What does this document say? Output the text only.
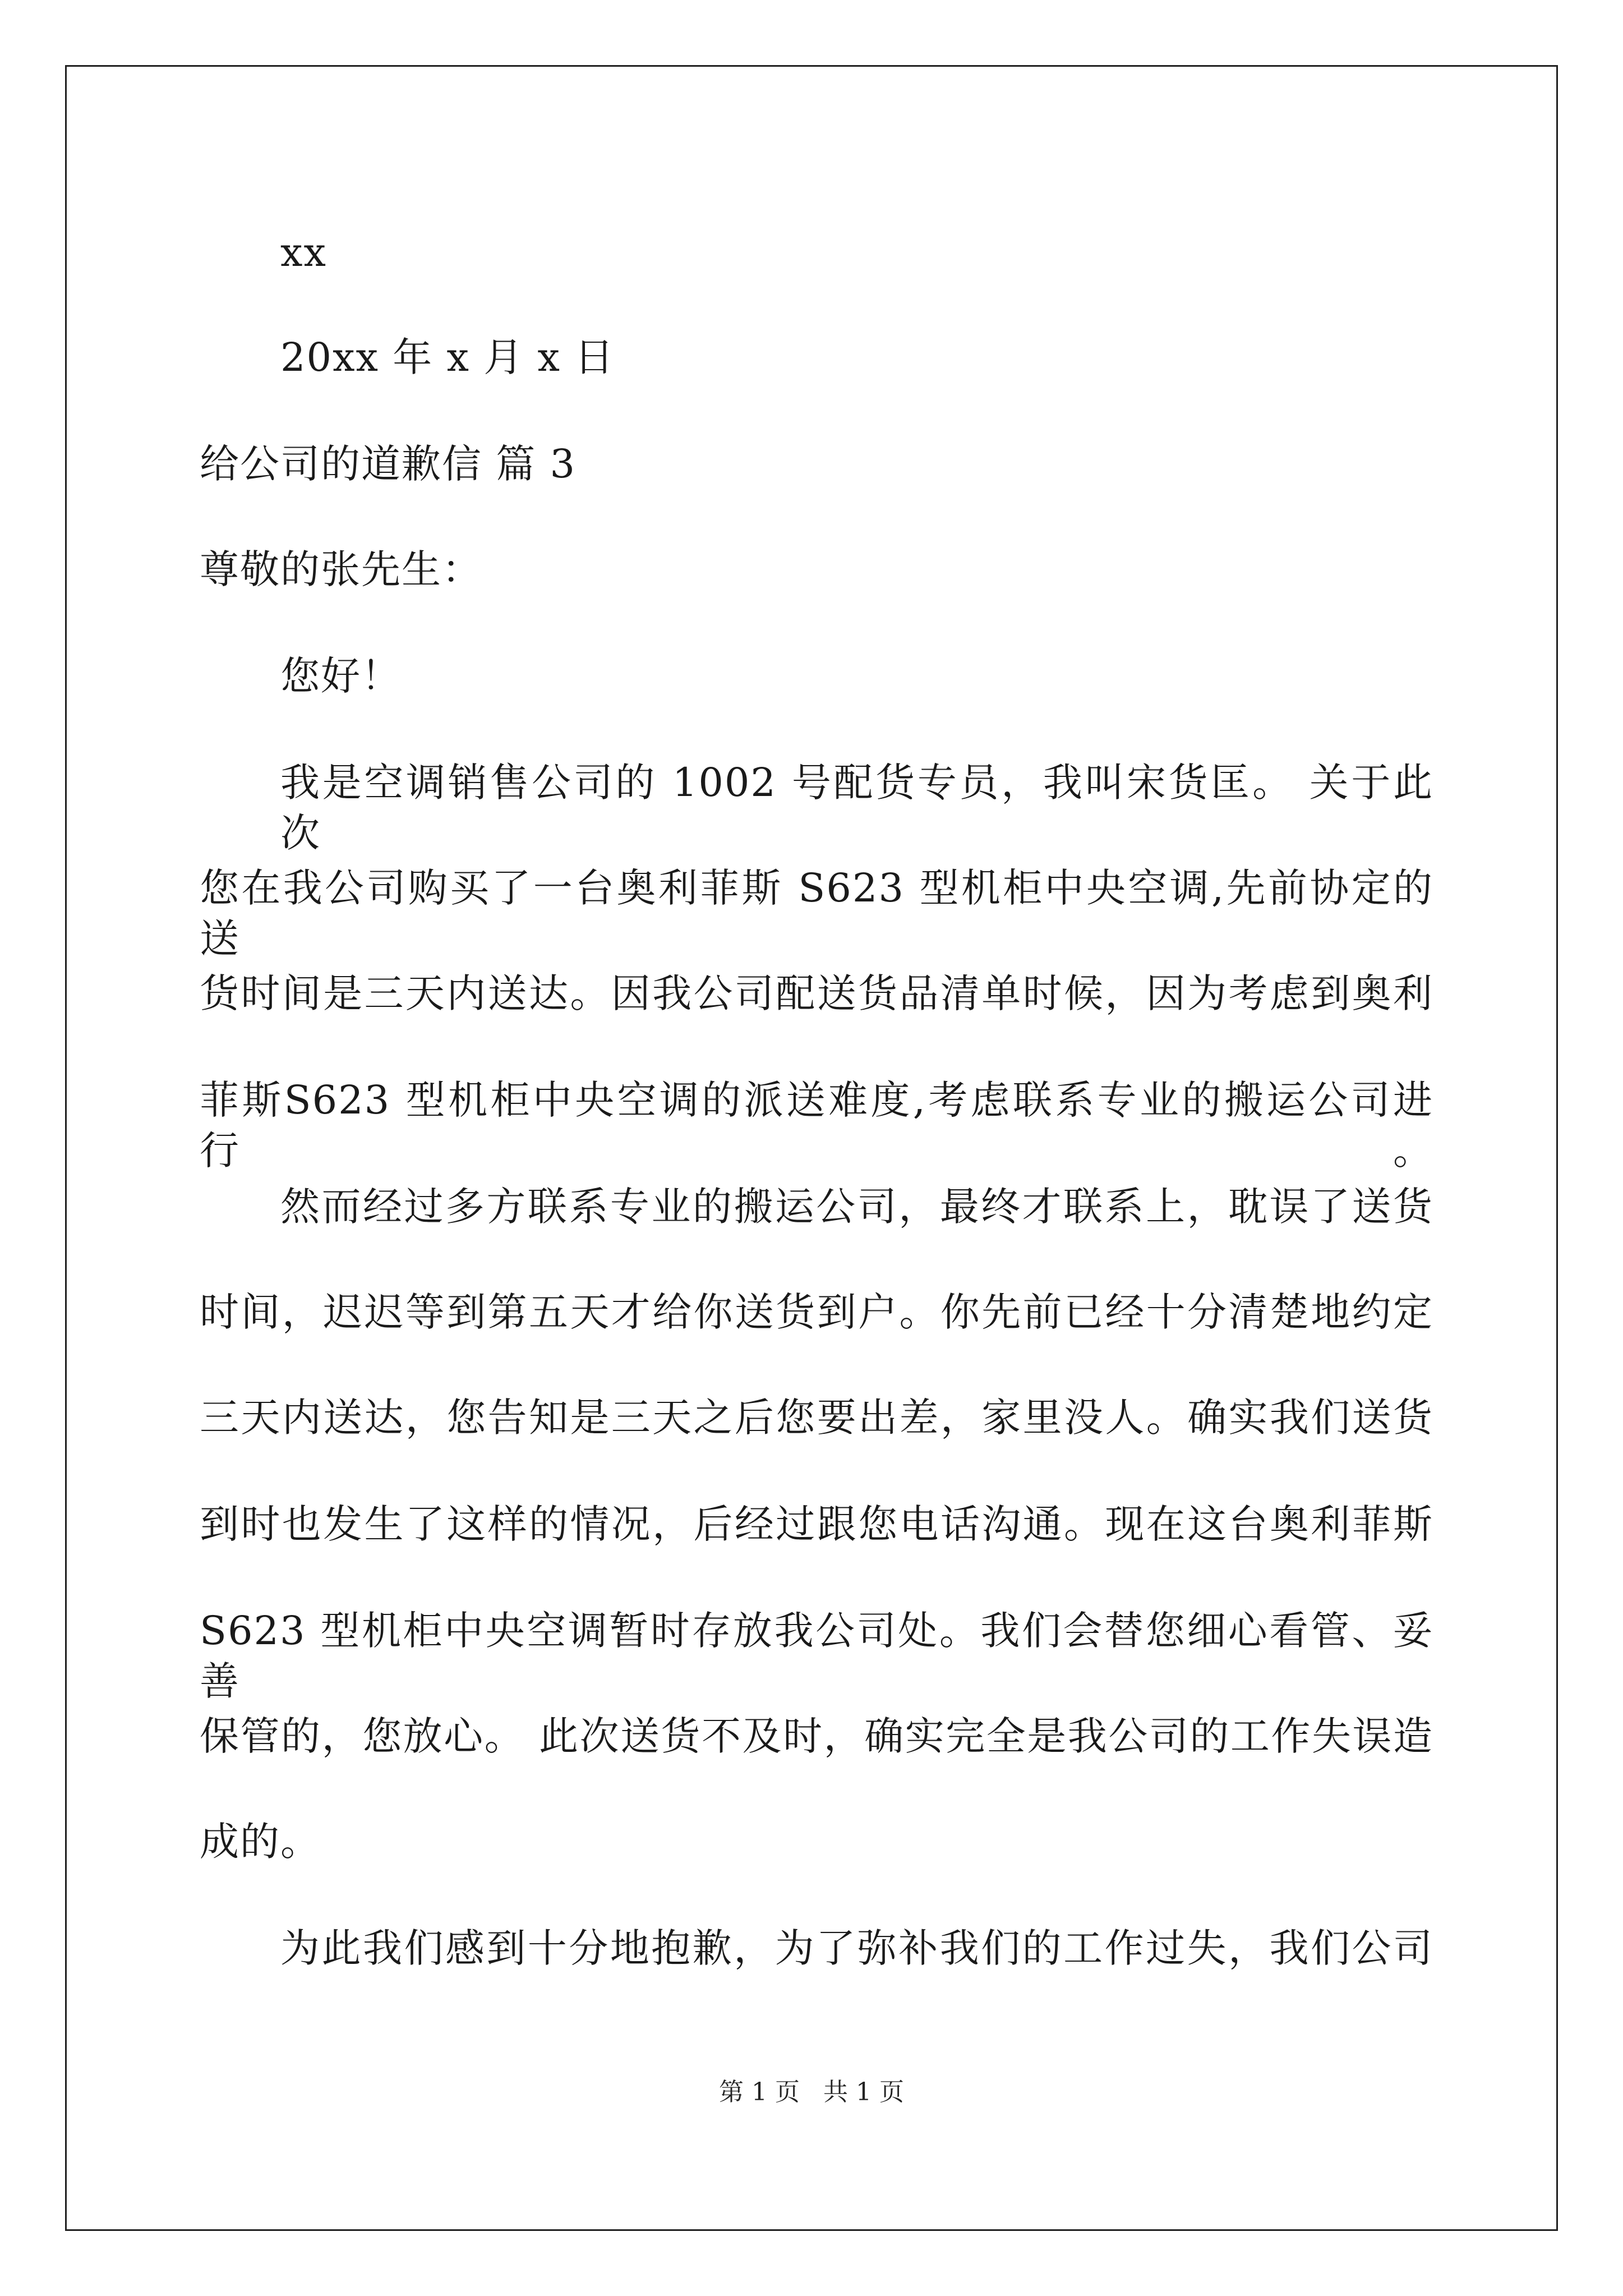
xx
20xx 年 x 月 x 日
给公司的道歉信 篇 3
尊敬的张先生：
您好！
我是空调销售公司的 1002 号配货专员，我叫宋货匡。 关于此次
您在我公司购买了一台奥利菲斯 S623 型机柜中央空调,先前协定的送
货时间是三天内送达。因我公司配送货品清单时候，因为考虑到奥利
菲斯S623 型机柜中央空调的派送难度,考虑联系专业的搬运公司进行。
然而经过多方联系专业的搬运公司，最终才联系上，耽误了送货
时间，迟迟等到第五天才给你送货到户。你先前已经十分清楚地约定
三天内送达，您告知是三天之后您要出差，家里没人。确实我们送货
到时也发生了这样的情况，后经过跟您电话沟通。现在这台奥利菲斯
S623 型机柜中央空调暂时存放我公司处。我们会替您细心看管、妥善
保管的，您放心。 此次送货不及时，确实完全是我公司的工作失误造
成的。
为此我们感到十分地抱歉，为了弥补我们的工作过失，我们公司
第 1 页 共 1 页
